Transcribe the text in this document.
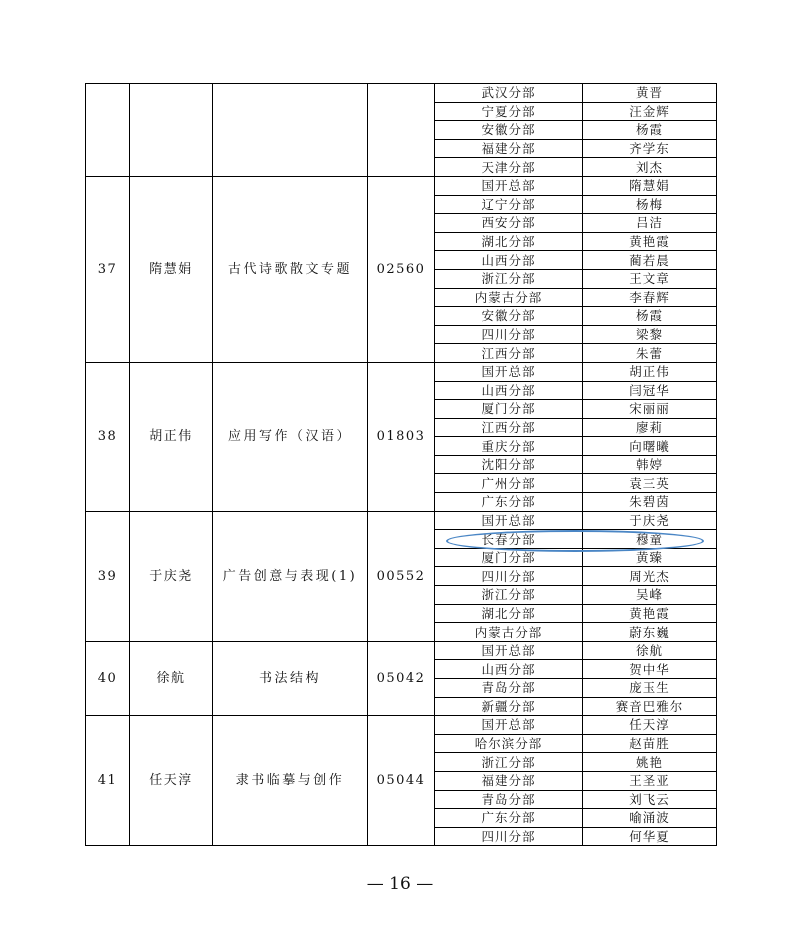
				武汉分部	黄晋
				宁夏分部	汪金辉
				安徽分部	杨霞
				福建分部	齐学东
				天津分部	刘杰
37	隋慧娟	古代诗歌散文专题	02560	国开总部	隋慧娟
				辽宁分部	杨梅
				西安分部	吕洁
				湖北分部	黄艳霞
				山西分部	蔺若晨
				浙江分部	王文章
				内蒙古分部	李春辉
				安徽分部	杨霞
				四川分部	梁黎
				江西分部	朱蕾
38	胡正伟	应用写作（汉语）	01803	国开总部	胡正伟
				山西分部	闫冠华
				厦门分部	宋丽丽
				江西分部	廖莉
				重庆分部	向曙曦
				沈阳分部	韩婷
				广州分部	袁三英
				广东分部	朱碧茵
39	于庆尧	广告创意与表现(1)	00552	国开总部	于庆尧
				长春分部	穆童
				厦门分部	黄臻
				四川分部	周光杰
				浙江分部	吴峰
				湖北分部	黄艳霞
				内蒙古分部	蔚东巍
40	徐航	书法结构	05042	国开总部	徐航
				山西分部	贺中华
				青岛分部	庞玉生
				新疆分部	赛音巴雅尔
41	任天淳	隶书临摹与创作	05044	国开总部	任天淳
				哈尔滨分部	赵苗胜
				浙江分部	姚艳
				福建分部	王圣亚
				青岛分部	刘飞云
				广东分部	喻涌波
				四川分部	何华夏
— 16 —
